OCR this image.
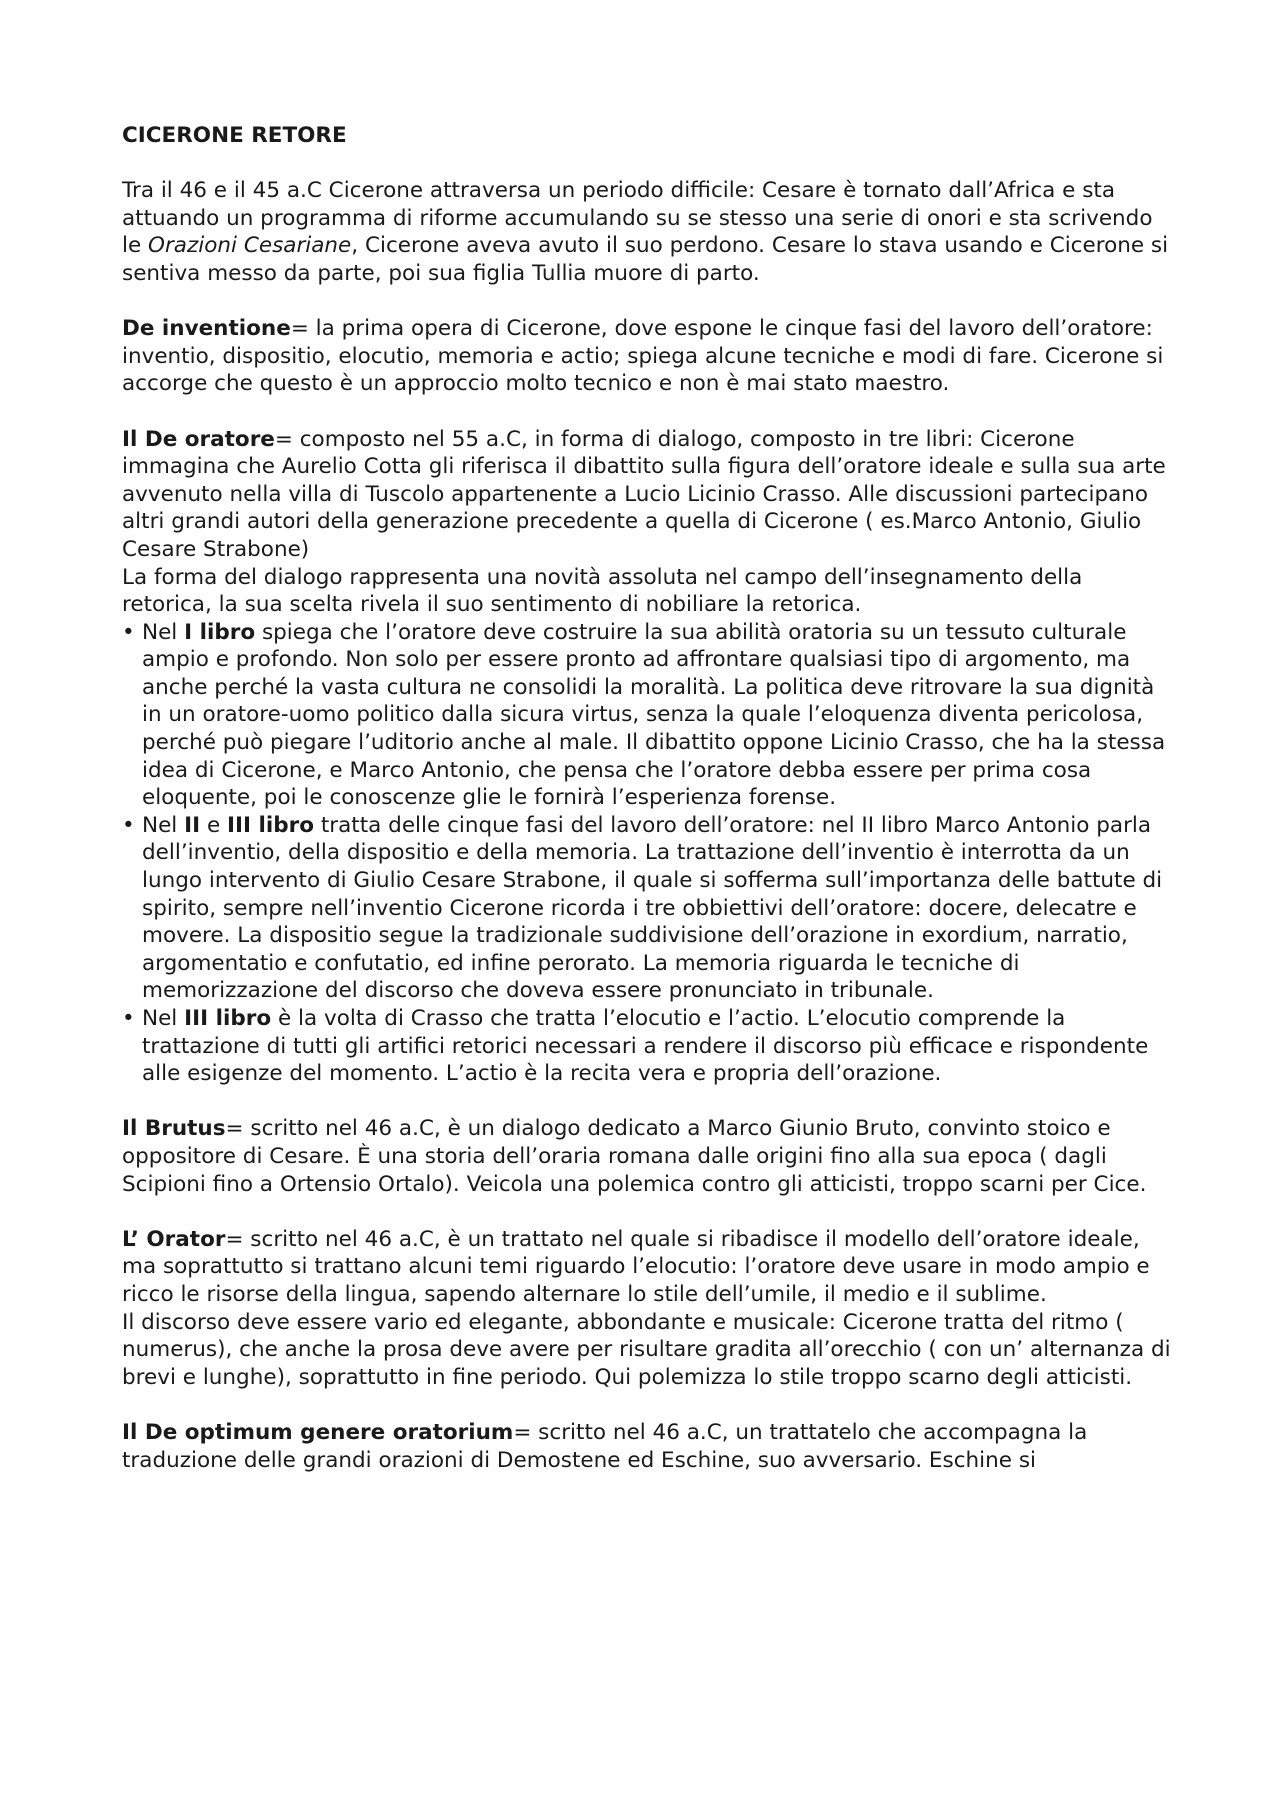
CICERONE RETORE

Tra il 46 e il 45 a.C Cicerone attraversa un periodo difficile: Cesare è tornato dall’Africa e sta attuando un programma di riforme accumulando su se stesso una serie di onori e sta scrivendo le Orazioni Cesariane, Cicerone aveva avuto il suo perdono. Cesare lo stava usando e Cicerone si sentiva messo da parte, poi sua figlia Tullia muore di parto.

De inventione= la prima opera di Cicerone, dove espone le cinque fasi del lavoro dell’oratore: inventio, dispositio, elocutio, memoria e actio; spiega alcune tecniche e modi di fare. Cicerone si accorge che questo è un approccio molto tecnico e non è mai stato maestro.

Il De oratore= composto nel 55 a.C, in forma di dialogo, composto in tre libri: Cicerone immagina che Aurelio Cotta gli riferisca il dibattito sulla figura dell’oratore ideale e sulla sua arte avvenuto nella villa di Tuscolo appartenente a Lucio Licinio Crasso. Alle discussioni partecipano altri grandi autori della generazione precedente a quella di Cicerone ( es.Marco Antonio, Giulio Cesare Strabone)

La forma del dialogo rappresenta una novità assoluta nel campo dell’insegnamento della retorica, la sua scelta rivela il suo sentimento di nobiliare la retorica.

• Nel I libro spiega che l’oratore deve costruire la sua abilità oratoria su un tessuto culturale ampio e profondo. Non solo per essere pronto ad affrontare qualsiasi tipo di argomento, ma anche perché la vasta cultura ne consolidi la moralità. La politica deve ritrovare la sua dignità in un oratore-uomo politico dalla sicura virtus, senza la quale l’eloquenza diventa pericolosa, perché può piegare l’uditorio anche al male. Il dibattito oppone Licinio Crasso, che ha la stessa idea di Cicerone, e Marco Antonio, che pensa che l’oratore debba essere per prima cosa eloquente, poi le conoscenze glie le fornirà l’esperienza forense.
• Nel II e III libro tratta delle cinque fasi del lavoro dell’oratore: nel II libro Marco Antonio parla dell’inventio, della dispositio e della memoria. La trattazione dell’inventio è interrotta da un lungo intervento di Giulio Cesare Strabone, il quale si sofferma sull’importanza delle battute di spirito, sempre nell’inventio Cicerone ricorda i tre obbiettivi dell’oratore: docere, delecatre e movere. La dispositio segue la tradizionale suddivisione dell’orazione in exordium, narratio, argomentatio e confutatio, ed infine perorato. La memoria riguarda le tecniche di memorizzazione del discorso che doveva essere pronunciato in tribunale.
• Nel III libro è la volta di Crasso che tratta l’elocutio e l’actio. L’elocutio comprende la trattazione di tutti gli artifici retorici necessari a rendere il discorso più efficace e rispondente alle esigenze del momento. L’actio è la recita vera e propria dell’orazione.

Il Brutus= scritto nel 46 a.C, è un dialogo dedicato a Marco Giunio Bruto, convinto stoico e oppositore di Cesare. È una storia dell’oraria romana dalle origini fino alla sua epoca ( dagli Scipioni fino a Ortensio Ortalo). Veicola una polemica contro gli atticisti, troppo scarni per Cice.

L’ Orator= scritto nel 46 a.C, è un trattato nel quale si ribadisce il modello dell’oratore ideale, ma soprattutto si trattano alcuni temi riguardo l’elocutio: l’oratore deve usare in modo ampio e ricco le risorse della lingua, sapendo alternare lo stile dell’umile, il medio e il sublime.

Il discorso deve essere vario ed elegante, abbondante e musicale: Cicerone tratta del ritmo ( numerus), che anche la prosa deve avere per risultare gradita all’orecchio ( con un’ alternanza di brevi e lunghe), soprattutto in fine periodo. Qui polemizza lo stile troppo scarno degli atticisti.

Il De optimum genere oratorium= scritto nel 46 a.C, un trattatelo che accompagna la traduzione delle grandi orazioni di Demostene ed Eschine, suo avversario. Eschine si
